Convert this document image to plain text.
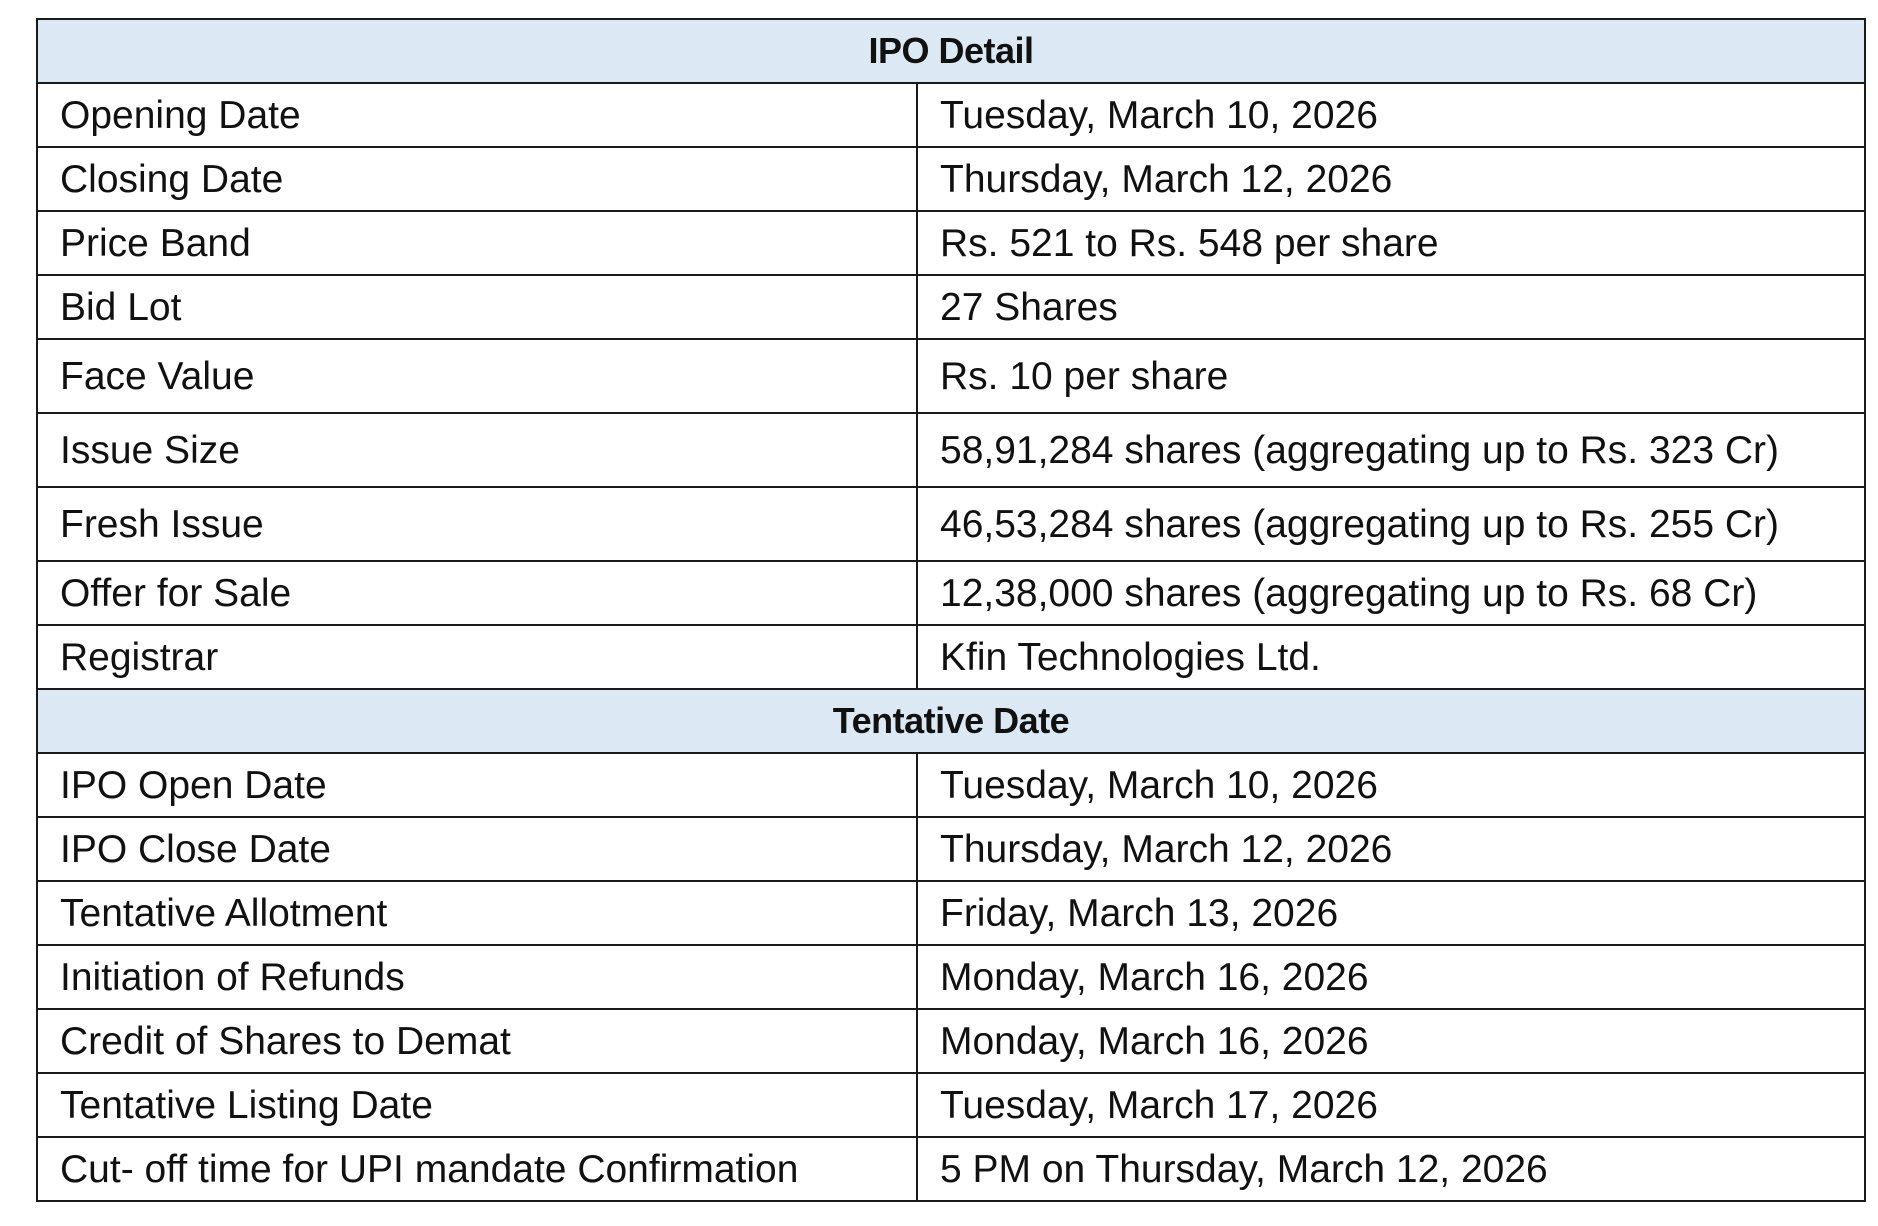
IPO Detail	
Opening Date	Tuesday, March 10, 2026
Closing Date	Thursday, March 12, 2026
Price Band	Rs. 521 to Rs. 548 per share
Bid Lot	27 Shares
Face Value	Rs. 10 per share
Issue Size	58,91,284 shares (aggregating up to Rs. 323 Cr)
Fresh Issue	46,53,284 shares (aggregating up to Rs. 255 Cr)
Offer for Sale	12,38,000 shares (aggregating up to Rs. 68 Cr)
Registrar	Kfin Technologies Ltd.
Tentative Date	
IPO Open Date	Tuesday, March 10, 2026
IPO Close Date	Thursday, March 12, 2026
Tentative Allotment	Friday, March 13, 2026
Initiation of Refunds	Monday, March 16, 2026
Credit of Shares to Demat	Monday, March 16, 2026
Tentative Listing Date	Tuesday, March 17, 2026
Cut- off time for UPI mandate Confirmation	5 PM on Thursday, March 12, 2026
